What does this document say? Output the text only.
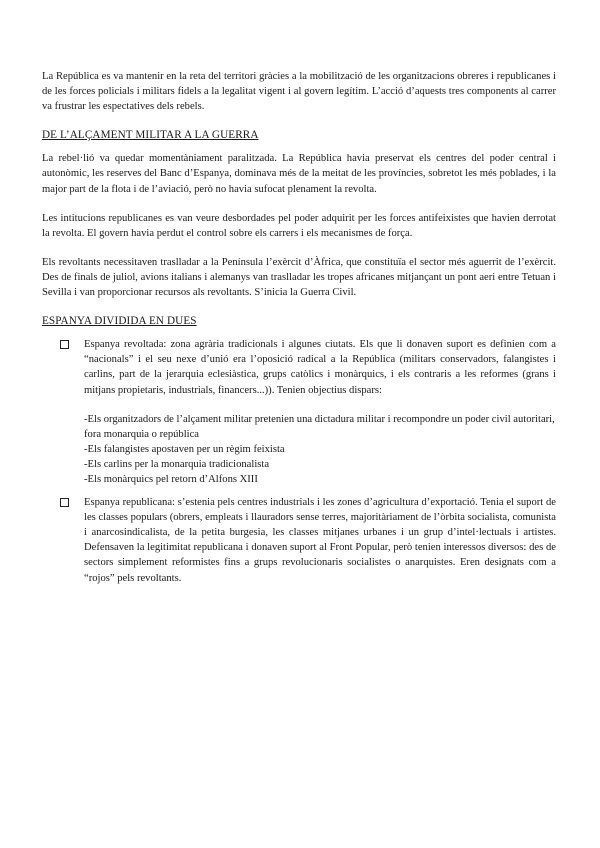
La República es va mantenir en la reta del territori gràcies a la mobilització de les organitzacions obreres i republicanes i de les forces policials i militars fidels a la legalitat vigent i al govern legítim. L’acció d’aquests tres components al carrer va frustrar les espectatives dels rebels.

DE L’ALÇAMENT MILITAR A LA GUERRA

La rebel·lió va quedar momentàniament paralitzada. La República havia preservat els centres del poder central i autonòmic, les reserves del Banc d’Espanya, dominava més de la meitat de les províncies, sobretot les més poblades, i la major part de la flota i de l’aviació, però no havia sufocat plenament la revolta.

Les intitucions republicanes es van veure desbordades pel poder adquirit per les forces antifeixistes que havien derrotat la revolta. El govern havia perdut el control sobre els carrers i els mecanismes de força.

Els revoltants necessitaven traslladar a la Península l’exèrcit d’Àfrica, que constituïa el sector més aguerrit de l’exèrcit. Des de finals de juliol, avions italians i alemanys van traslladar les tropes africanes mitjançant un pont aeri entre Tetuan i Sevilla i van proporcionar recursos als revoltants. S’inicia la Guerra Civil.

ESPANYA DIVIDIDA EN DUES

Espanya revoltada: zona agrària tradicionals i algunes ciutats. Els que li donaven suport es definien com a “nacionals” i el seu nexe d’unió era l’oposició radical a la República (militars conservadors, falangistes i carlins, part de la jerarquia eclesiàstica, grups catòlics i monàrquics, i els contraris a les reformes (grans i mitjans propietaris, industrials, financers...)). Tenien objectius dispars:

-Els organitzadors de l’alçament militar pretenien una dictadura militar i recompondre un poder civil autoritari, fora monarquia o república

-Els falangistes apostaven per un règim feixista

-Els carlins per la monarquia tradicionalista

-Els monàrquics pel retorn d’Alfons XIII

Espanya republicana: s’estenia pels centres industrials i les zones d’agricultura d’exportació. Tenia el suport de les classes populars (obrers, empleats i llauradors sense terres, majoritàriament de l’òrbita socialista, comunista i anarcosindicalista, de la petita burgesia, les classes mitjanes urbanes i un grup d’intel·lectuals i artistes. Defensaven la legitimitat republicana i donaven suport al Front Popular, però tenien interessos diversos: des de sectors simplement reformistes fins a grups revolucionaris socialistes o anarquistes. Eren designats com a “rojos” pels revoltants.
